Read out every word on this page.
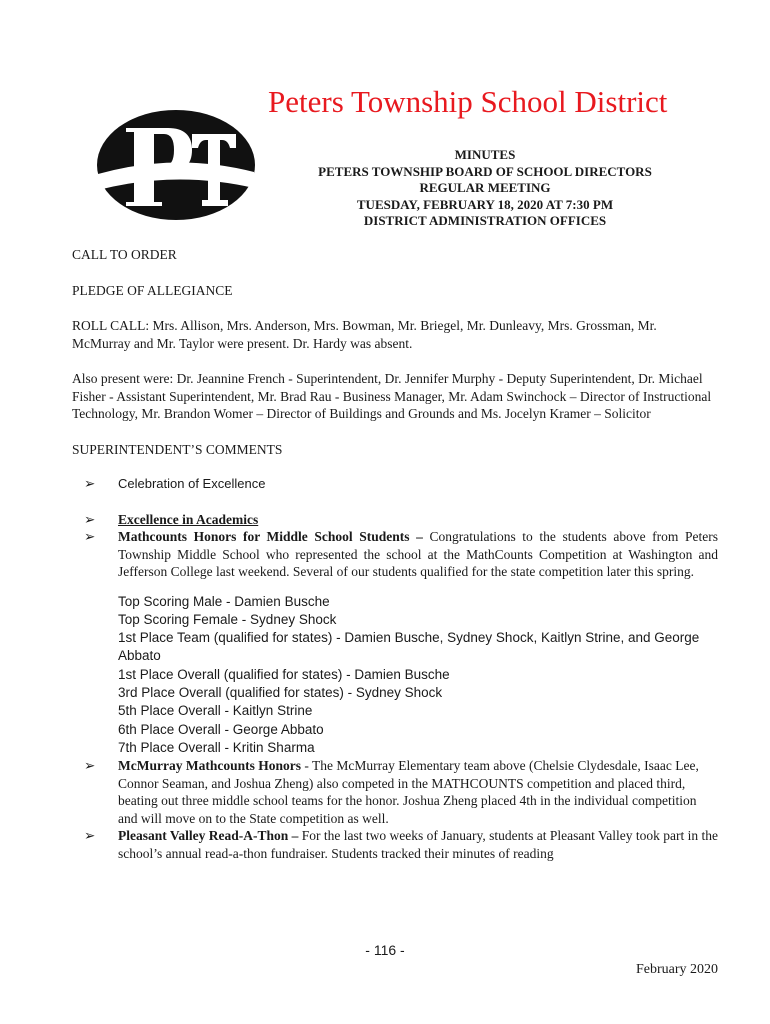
Peters Township School District
MINUTES
PETERS TOWNSHIP BOARD OF SCHOOL DIRECTORS
REGULAR MEETING
TUESDAY, FEBRUARY 18, 2020 AT 7:30 PM
DISTRICT ADMINISTRATION OFFICES

CALL TO ORDER

PLEDGE OF ALLEGIANCE

ROLL CALL: Mrs. Allison, Mrs. Anderson, Mrs. Bowman, Mr. Briegel, Mr. Dunleavy, Mrs. Grossman, Mr. McMurray and Mr. Taylor were present. Dr. Hardy was absent.

Also present were: Dr. Jeannine French - Superintendent, Dr. Jennifer Murphy - Deputy Superintendent, Dr. Michael Fisher - Assistant Superintendent, Mr. Brad Rau - Business Manager, Mr. Adam Swinchock – Director of Instructional Technology, Mr. Brandon Womer – Director of Buildings and Grounds and Ms. Jocelyn Kramer – Solicitor

SUPERINTENDENT’S COMMENTS

➢ Celebration of Excellence

➢ Excellence in Academics

➢ Mathcounts Honors for Middle School Students – Congratulations to the students above from Peters Township Middle School who represented the school at the MathCounts Competition at Washington and Jefferson College last weekend. Several of our students qualified for the state competition later this spring.

Top Scoring Male - Damien Busche
Top Scoring Female - Sydney Shock
1st Place Team (qualified for states) - Damien Busche, Sydney Shock, Kaitlyn Strine, and George Abbato
1st Place Overall (qualified for states) - Damien Busche
3rd Place Overall (qualified for states) - Sydney Shock
5th Place Overall - Kaitlyn Strine
6th Place Overall - George Abbato
7th Place Overall - Kritin Sharma

➢ McMurray Mathcounts Honors - The McMurray Elementary team above (Chelsie Clydesdale, Isaac Lee, Connor Seaman, and Joshua Zheng) also competed in the MATHCOUNTS competition and placed third, beating out three middle school teams for the honor. Joshua Zheng placed 4th in the individual competition and will move on to the State competition as well.

➢ Pleasant Valley Read-A-Thon – For the last two weeks of January, students at Pleasant Valley took part in the school’s annual read-a-thon fundraiser. Students tracked their minutes of reading

- 116 -
February 2020
